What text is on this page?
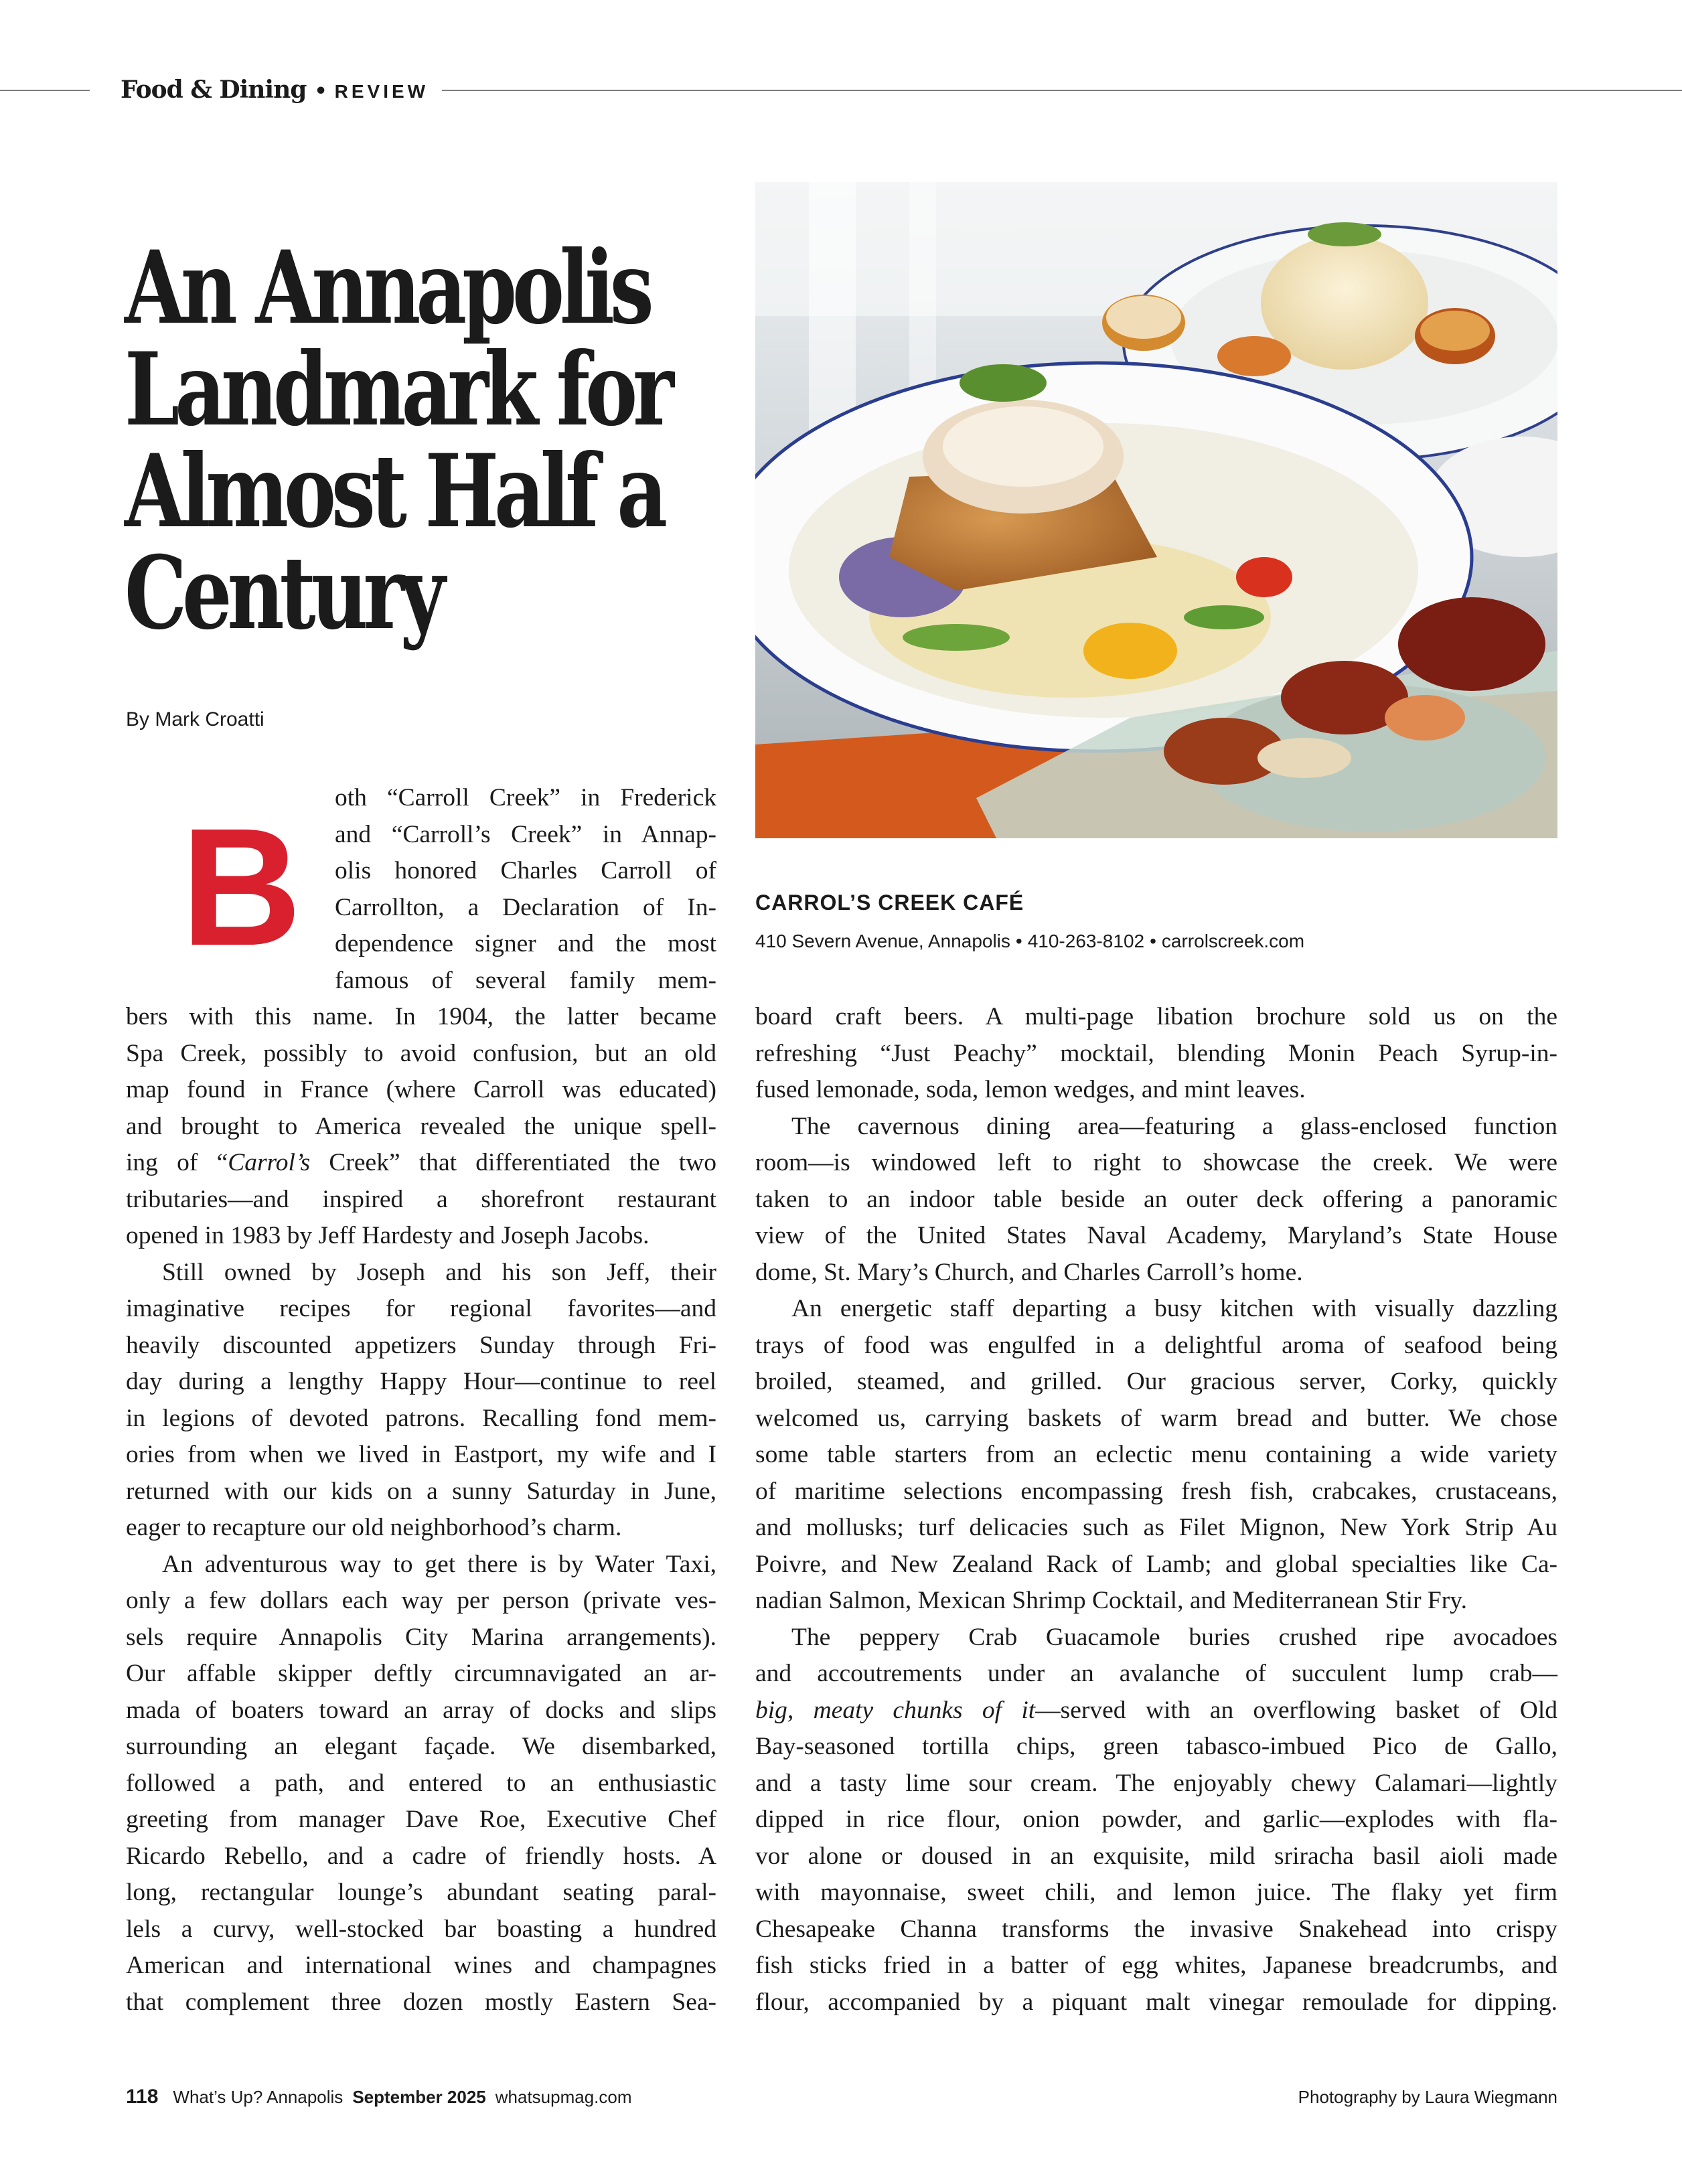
Food & Dining • REVIEW
An Annapolis
Landmark for
Almost Half a
Century
By Mark Croatti
CARROL’S CREEK CAFÉ
410 Severn Avenue, Annapolis • 410-263-8102 • carrolscreek.com
B oth “Carroll Creek” in Frederick
and “Carroll’s Creek” in Annap-
olis honored Charles Carroll of
Carrollton, a Declaration of In-
dependence signer and the most
famous of several family mem-
bers with this name. In 1904, the latter became
Spa Creek, possibly to avoid confusion, but an old
map found in France (where Carroll was educated)
and brought to America revealed the unique spell-
ing of “Carrol’s Creek” that differentiated the two
tributaries—and inspired a shorefront restaurant
opened in 1983 by Jeff Hardesty and Joseph Jacobs.
Still owned by Joseph and his son Jeff, their
imaginative recipes for regional favorites—and
heavily discounted appetizers Sunday through Fri-
day during a lengthy Happy Hour—continue to reel
in legions of devoted patrons. Recalling fond mem-
ories from when we lived in Eastport, my wife and I
returned with our kids on a sunny Saturday in June,
eager to recapture our old neighborhood’s charm.
An adventurous way to get there is by Water Taxi,
only a few dollars each way per person (private ves-
sels require Annapolis City Marina arrangements).
Our affable skipper deftly circumnavigated an ar-
mada of boaters toward an array of docks and slips
surrounding an elegant façade. We disembarked,
followed a path, and entered to an enthusiastic
greeting from manager Dave Roe, Executive Chef
Ricardo Rebello, and a cadre of friendly hosts. A
long, rectangular lounge’s abundant seating paral-
lels a curvy, well-stocked bar boasting a hundred
American and international wines and champagnes
that complement three dozen mostly Eastern Sea-
board craft beers. A multi-page libation brochure sold us on the
refreshing “Just Peachy” mocktail, blending Monin Peach Syrup-in-
fused lemonade, soda, lemon wedges, and mint leaves.
The cavernous dining area—featuring a glass-enclosed function
room—is windowed left to right to showcase the creek. We were
taken to an indoor table beside an outer deck offering a panoramic
view of the United States Naval Academy, Maryland’s State House
dome, St. Mary’s Church, and Charles Carroll’s home.
An energetic staff departing a busy kitchen with visually dazzling
trays of food was engulfed in a delightful aroma of seafood being
broiled, steamed, and grilled. Our gracious server, Corky, quickly
welcomed us, carrying baskets of warm bread and butter. We chose
some table starters from an eclectic menu containing a wide variety
of maritime selections encompassing fresh fish, crabcakes, crustaceans,
and mollusks; turf delicacies such as Filet Mignon, New York Strip Au
Poivre, and New Zealand Rack of Lamb; and global specialties like Ca-
nadian Salmon, Mexican Shrimp Cocktail, and Mediterranean Stir Fry.
The peppery Crab Guacamole buries crushed ripe avocadoes
and accoutrements under an avalanche of succulent lump crab—
big, meaty chunks of it—served with an overflowing basket of Old
Bay-seasoned tortilla chips, green tabasco-imbued Pico de Gallo,
and a tasty lime sour cream. The enjoyably chewy Calamari—lightly
dipped in rice flour, onion powder, and garlic—explodes with fla-
vor alone or doused in an exquisite, mild sriracha basil aioli made
with mayonnaise, sweet chili, and lemon juice. The flaky yet firm
Chesapeake Channa transforms the invasive Snakehead into crispy
fish sticks fried in a batter of egg whites, Japanese breadcrumbs, and
flour, accompanied by a piquant malt vinegar remoulade for dipping.
118 What’s Up? Annapolis September 2025 whatsupmag.com	Photography by Laura Wiegmann
